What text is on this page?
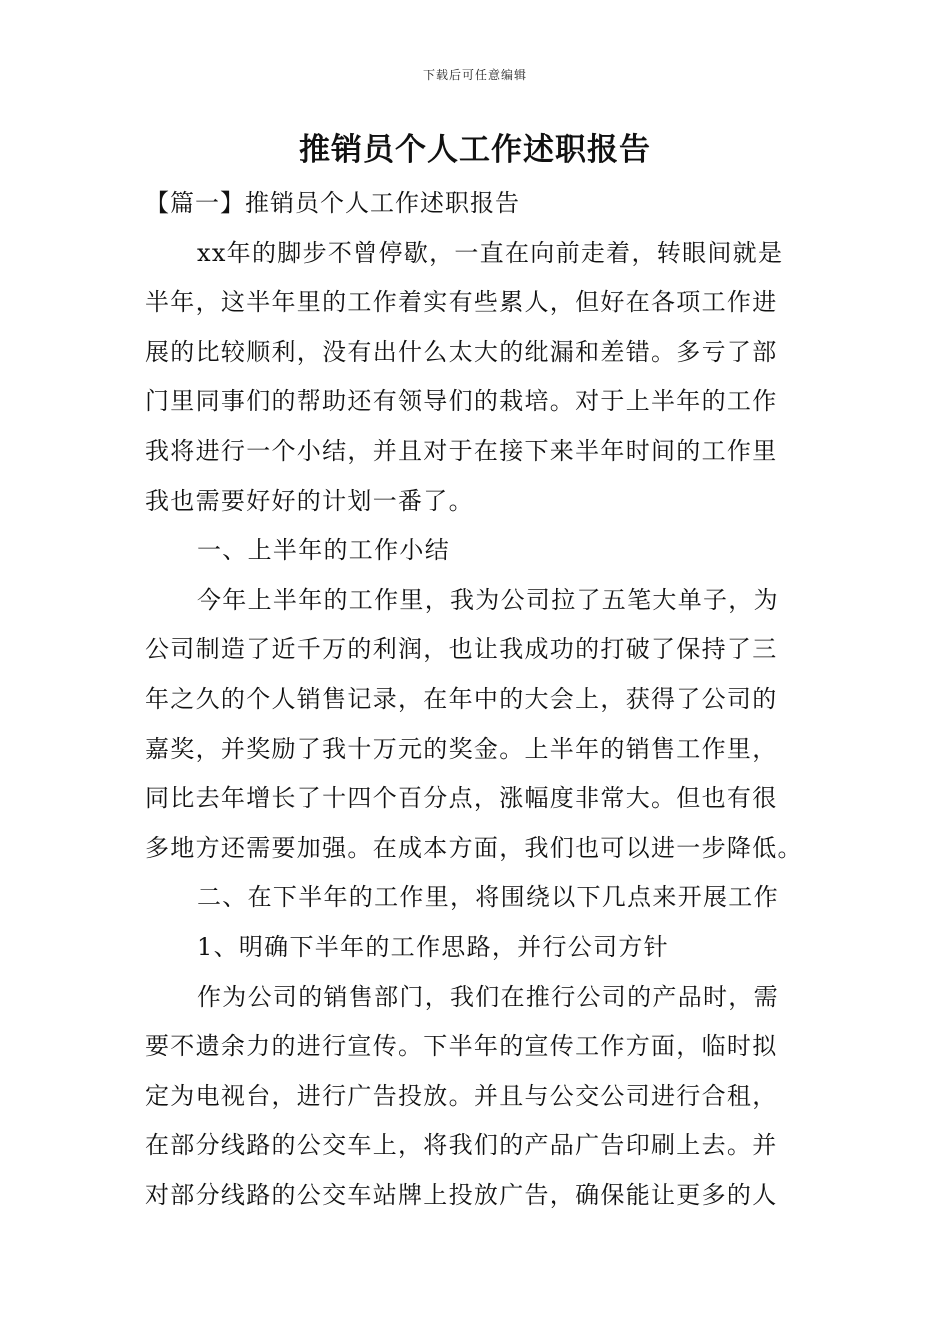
下载后可任意编辑
推销员个人工作述职报告
【篇一】推销员个人工作述职报告
xx年的脚步不曾停歇，一直在向前走着，转眼间就是
半年，这半年里的工作着实有些累人，但好在各项工作进
展的比较顺利，没有出什么太大的纰漏和差错。多亏了部
门里同事们的帮助还有领导们的栽培。对于上半年的工作
我将进行一个小结，并且对于在接下来半年时间的工作里
我也需要好好的计划一番了。
一、上半年的工作小结
今年上半年的工作里，我为公司拉了五笔大单子，为
公司制造了近千万的利润，也让我成功的打破了保持了三
年之久的个人销售记录，在年中的大会上，获得了公司的
嘉奖，并奖励了我十万元的奖金。上半年的销售工作里，
同比去年增长了十四个百分点，涨幅度非常大。但也有很
多地方还需要加强。在成本方面，我们也可以进一步降低。
二、在下半年的工作里，将围绕以下几点来开展工作
1、明确下半年的工作思路，并行公司方针
作为公司的销售部门，我们在推行公司的产品时，需
要不遗余力的进行宣传。下半年的宣传工作方面，临时拟
定为电视台，进行广告投放。并且与公交公司进行合租，
在部分线路的公交车上，将我们的产品广告印刷上去。并
对部分线路的公交车站牌上投放广告，确保能让更多的人
